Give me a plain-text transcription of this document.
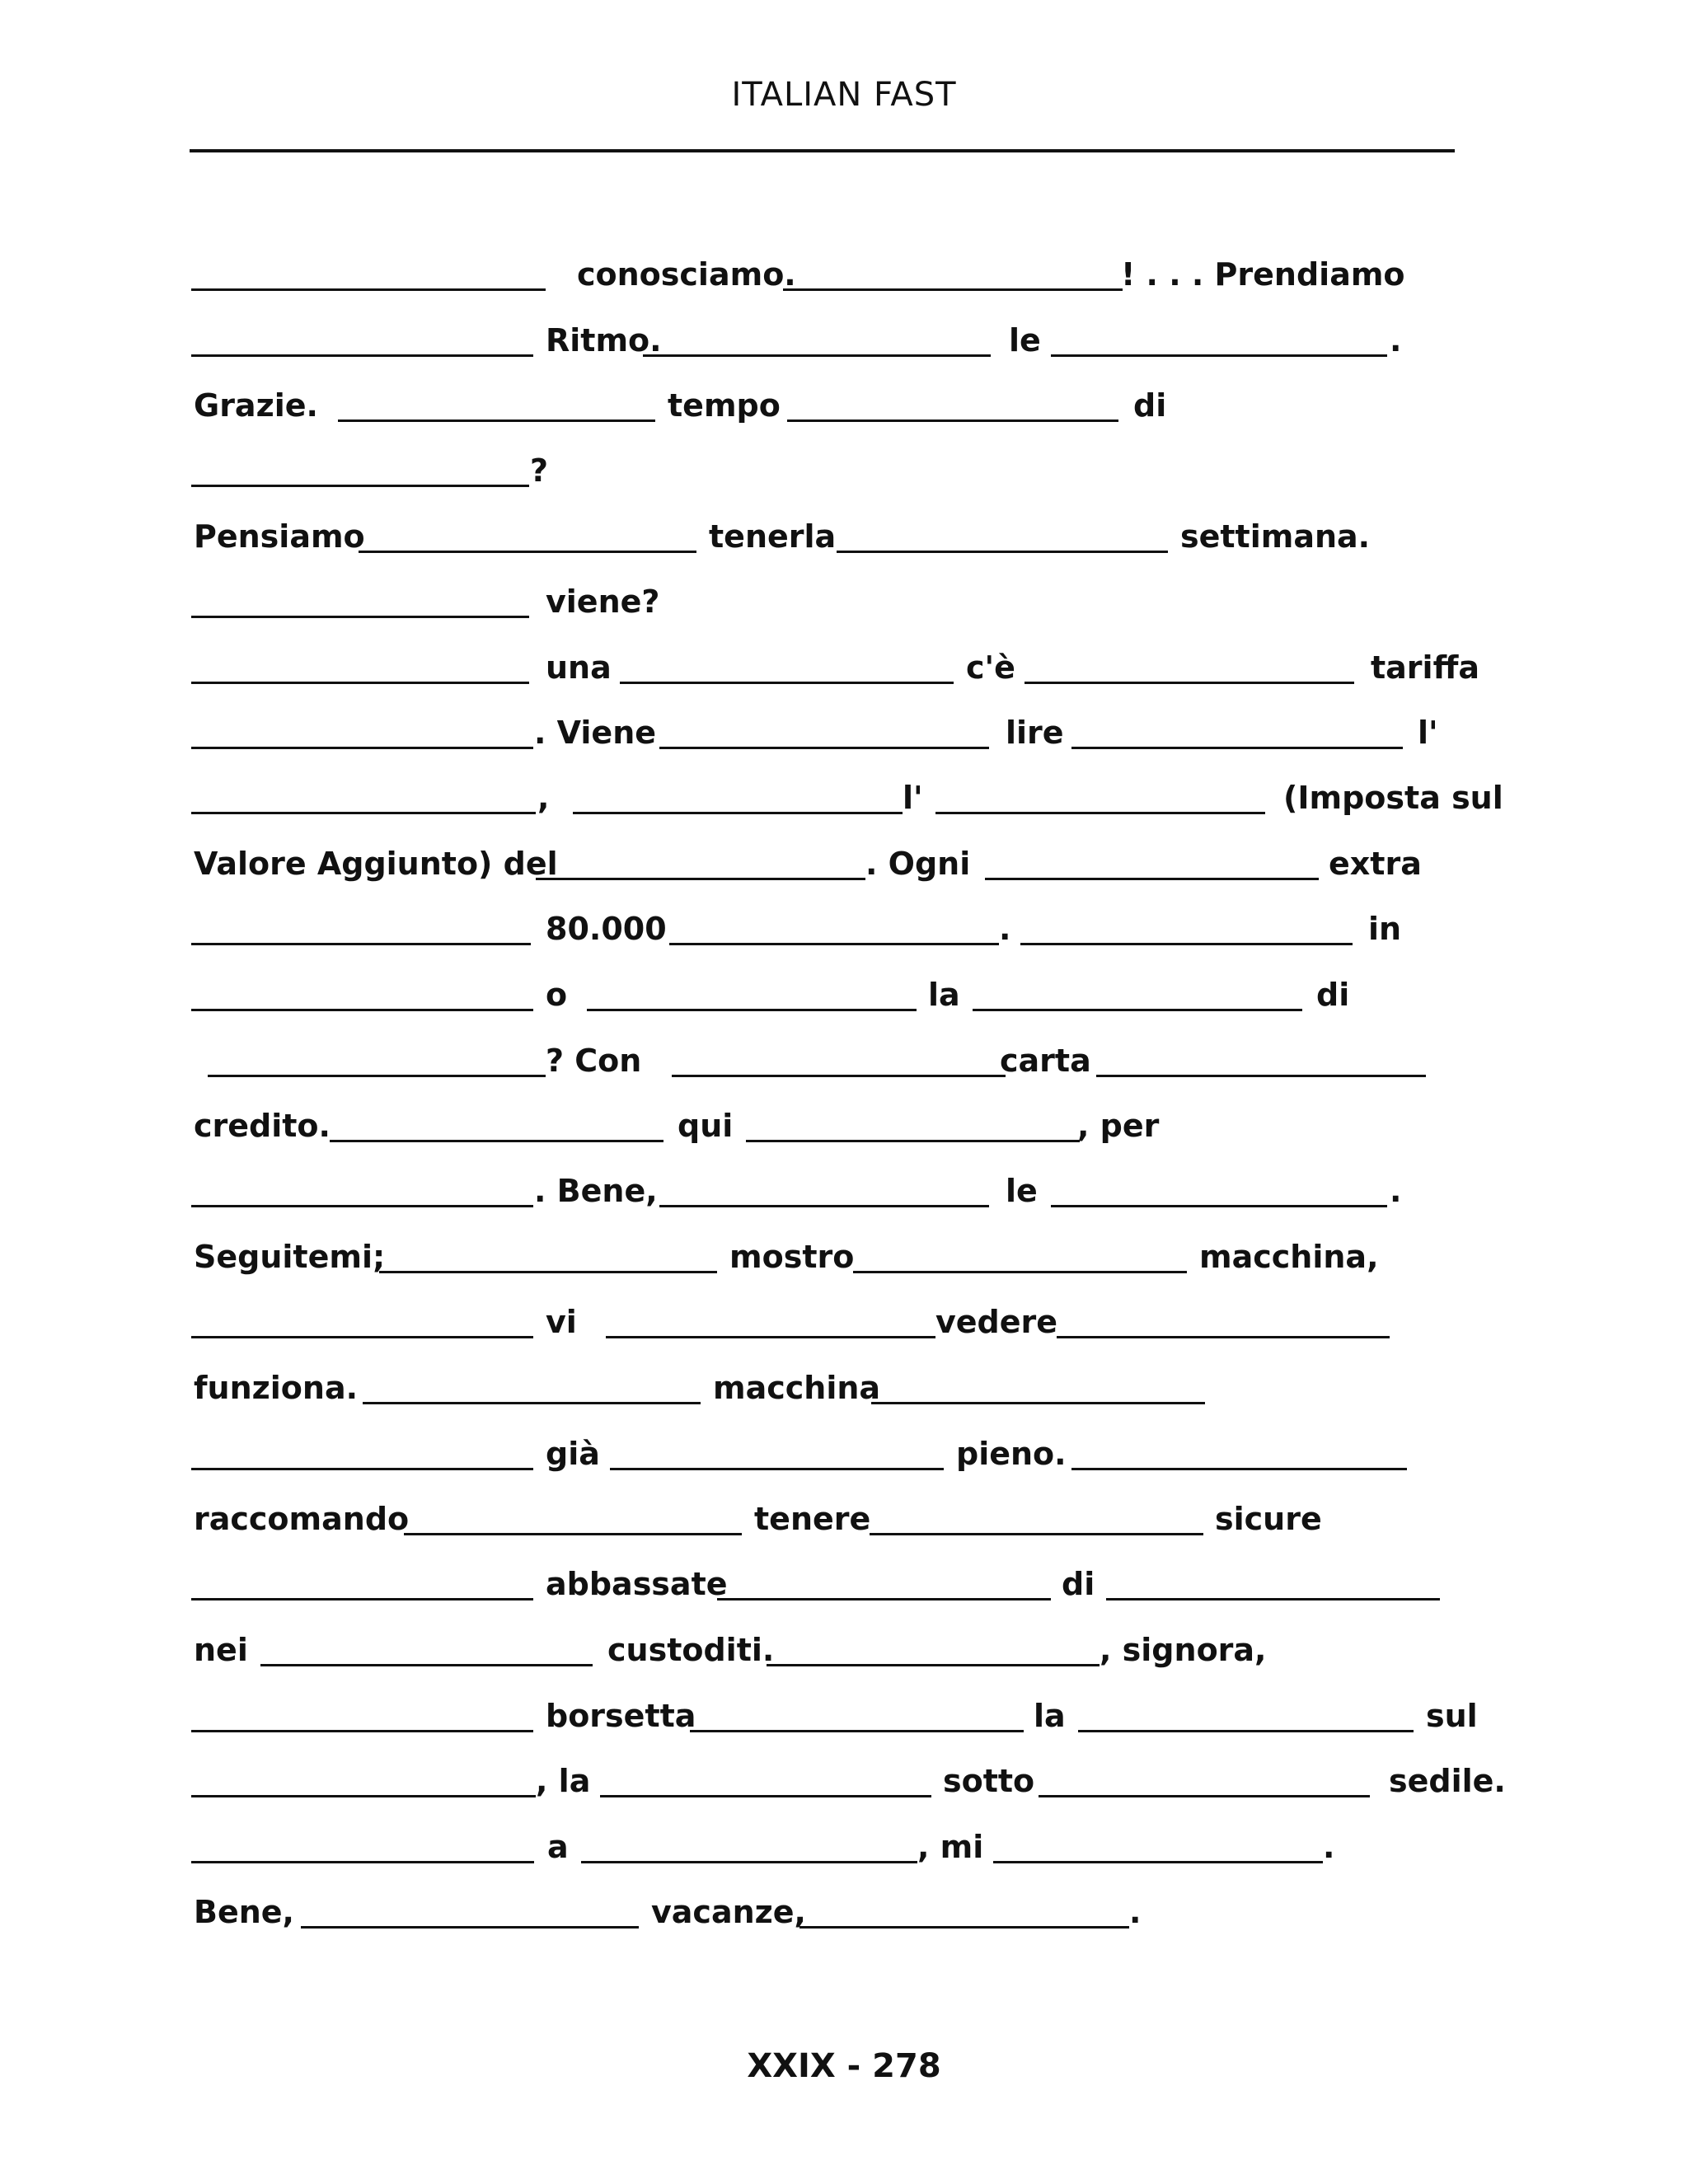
ITALIAN FAST
conosciamo.	! . . . Prendiamo
Ritmo.	le	.
Grazie.	tempo	di
?
Pensiamo	tenerla	settimana.
viene?
una	c'è	tariffa
. Viene	lire	l'
,	l'	(Imposta sul
Valore Aggiunto) del	. Ogni	extra
80.000	.	in
o	la	di
? Con	carta
credito.	qui	, per
. Bene,	le	.
Seguitemi;	mostro	macchina,
vi	vedere
funziona.	macchina
già	pieno.
raccomando	tenere	sicure
abbassate	di
nei	custoditi.	, signora,
borsetta	la	sul
, la	sotto	sedile.
a	, mi	.
Bene,	vacanze,	.
XXIX - 278
